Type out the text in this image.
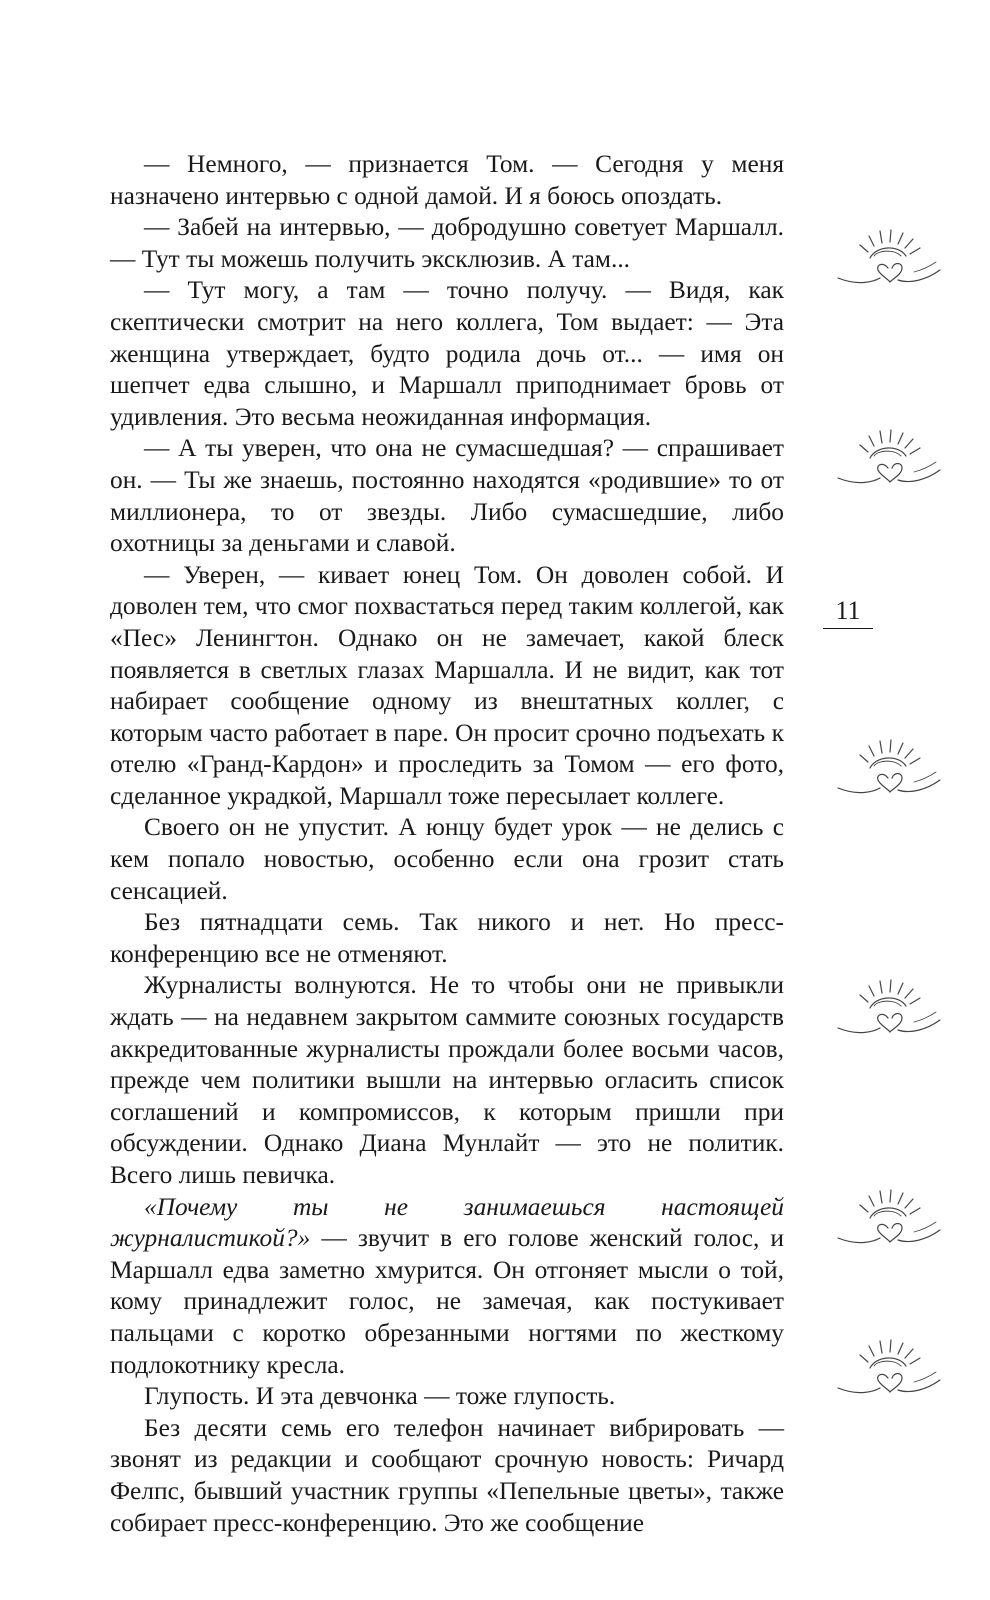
— Немного, — признается Том. — Сегодня у меня назначено интервью с одной дамой. И я боюсь опоздать.

— Забей на интервью, — добродушно советует Маршалл. — Тут ты можешь получить эксклюзив. А там...

— Тут могу, а там — точно получу. — Видя, как скептически смотрит на него коллега, Том выдает: — Эта женщина утверждает, будто родила дочь от... — имя он шепчет едва слышно, и Маршалл приподнимает бровь от удивления. Это весьма неожиданная информация.

— А ты уверен, что она не сумасшедшая? — спрашивает он. — Ты же знаешь, постоянно находятся «родившие» то от миллионера, то от звезды. Либо сумасшедшие, либо охотницы за деньгами и славой.

— Уверен, — кивает юнец Том. Он доволен собой. И доволен тем, что смог похвастаться перед таким коллегой, как «Пес» Ленингтон. Однако он не замечает, какой блеск появляется в светлых глазах Маршалла. И не видит, как тот набирает сообщение одному из внештатных коллег, с которым часто работает в паре. Он просит срочно подъехать к отелю «Гранд-Кардон» и проследить за Томом — его фото, сделанное украдкой, Маршалл тоже пересылает коллеге.

Своего он не упустит. А юнцу будет урок — не делись с кем попало новостью, особенно если она грозит стать сенсацией.

Без пятнадцати семь. Так никого и нет. Но пресс-конференцию все не отменяют.

Журналисты волнуются. Не то чтобы они не привыкли ждать — на недавнем закрытом саммите союзных государств аккредитованные журналисты прождали более восьми часов, прежде чем политики вышли на интервью огласить список соглашений и компромиссов, к которым пришли при обсуждении. Однако Диана Мунлайт — это не политик. Всего лишь певичка.

«Почему ты не занимаешься настоящей журналистикой?» — звучит в его голове женский голос, и Маршалл едва заметно хмурится. Он отгоняет мысли о той, кому принадлежит голос, не замечая, как постукивает пальцами с коротко обрезанными ногтями по жесткому подлокотнику кресла.

Глупость. И эта девчонка — тоже глупость.

Без десяти семь его телефон начинает вибрировать — звонят из редакции и сообщают срочную новость: Ричард Фелпс, бывший участник группы «Пепельные цветы», также собирает пресс-конференцию. Это же сообщение

11
